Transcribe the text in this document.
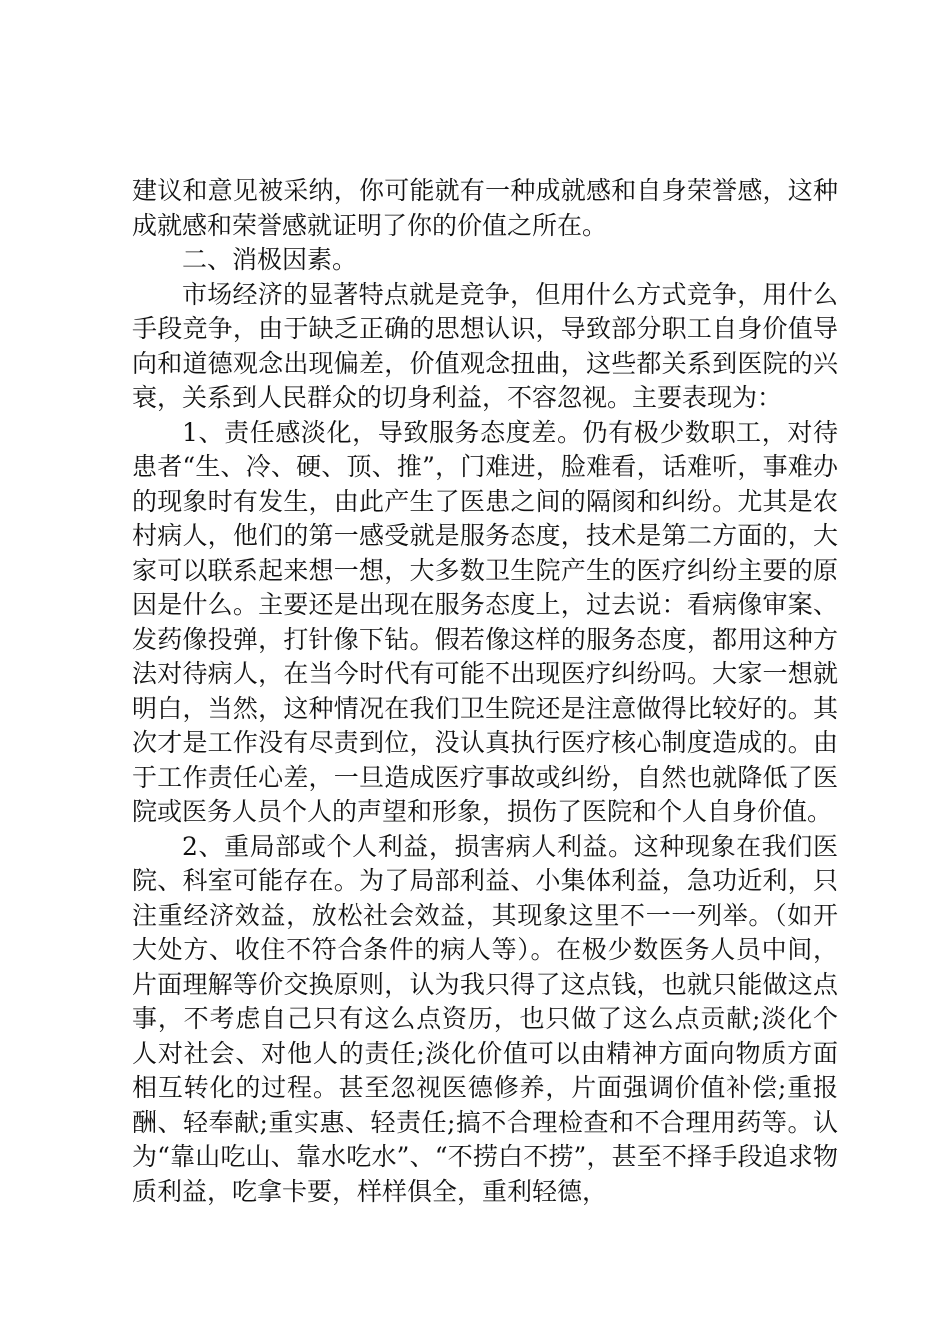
建议和意见被采纳，你可能就有一种成就感和自身荣誉感，这种成就感和荣誉感就证明了你的价值之所在。

二、消极因素。

市场经济的显著特点就是竞争，但用什么方式竞争，用什么手段竞争，由于缺乏正确的思想认识，导致部分职工自身价值导向和道德观念出现偏差，价值观念扭曲，这些都关系到医院的兴衰，关系到人民群众的切身利益，不容忽视。主要表现为：

1、责任感淡化，导致服务态度差。仍有极少数职工，对待患者“生、冷、硬、顶、推”，门难进，脸难看，话难听，事难办的现象时有发生，由此产生了医患之间的隔阂和纠纷。尤其是农村病人，他们的第一感受就是服务态度，技术是第二方面的，大家可以联系起来想一想，大多数卫生院产生的医疗纠纷主要的原因是什么。主要还是出现在服务态度上，过去说：看病像审案、发药像投弹，打针像下钻。假若像这样的服务态度，都用这种方法对待病人，在当今时代有可能不出现医疗纠纷吗。大家一想就明白，当然，这种情况在我们卫生院还是注意做得比较好的。其次才是工作没有尽责到位，没认真执行医疗核心制度造成的。由于工作责任心差，一旦造成医疗事故或纠纷，自然也就降低了医院或医务人员个人的声望和形象，损伤了医院和个人自身价值。

2、重局部或个人利益，损害病人利益。这种现象在我们医院、科室可能存在。为了局部利益、小集体利益，急功近利，只注重经济效益，放松社会效益，其现象这里不一一列举。（如开大处方、收住不符合条件的病人等）。在极少数医务人员中间，片面理解等价交换原则，认为我只得了这点钱，也就只能做这点事，不考虑自己只有这么点资历，也只做了这么点贡献;淡化个人对社会、对他人的责任;淡化价值可以由精神方面向物质方面相互转化的过程。甚至忽视医德修养，片面强调价值补偿;重报酬、轻奉献;重实惠、轻责任;搞不合理检查和不合理用药等。认为“靠山吃山、靠水吃水”、“不捞白不捞”，甚至不择手段追求物质利益，吃拿卡要，样样俱全，重利轻德，
